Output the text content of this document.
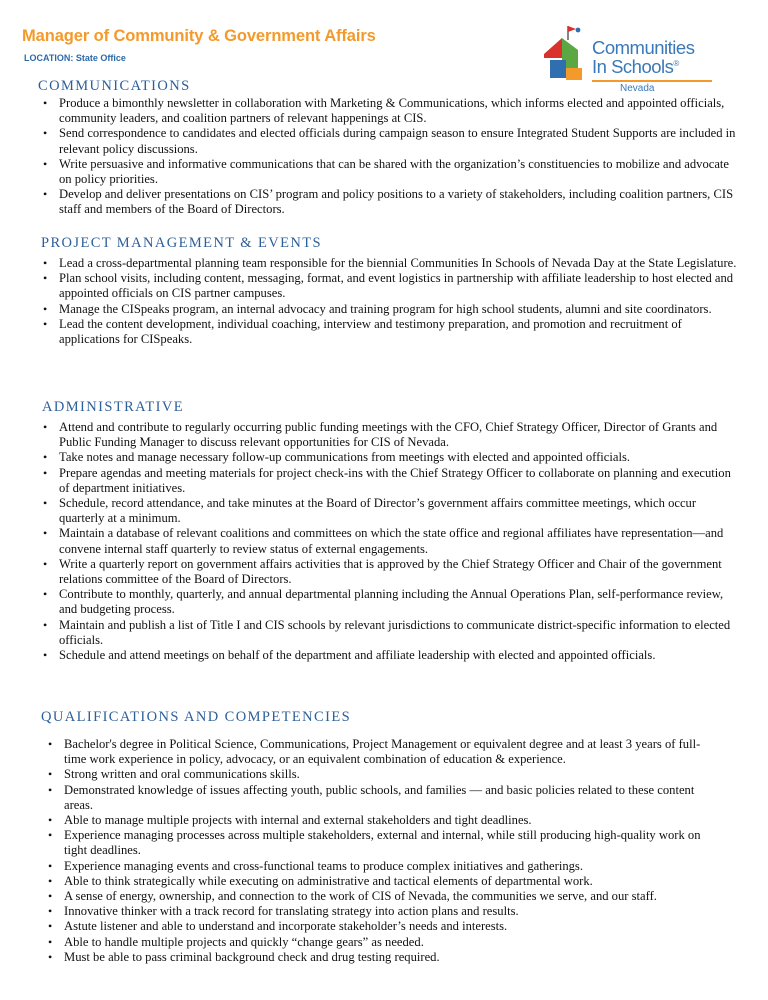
Manager of Community & Government Affairs
LOCATION: State Office	Communities
In Schools®
Nevada
COMMUNICATIONS
• Produce a bimonthly newsletter in collaboration with Marketing & Communications, which informs elected and appointed officials, community leaders, and coalition partners of relevant happenings at CIS.
• Send correspondence to candidates and elected officials during campaign season to ensure Integrated Student Supports are included in relevant policy discussions.
• Write persuasive and informative communications that can be shared with the organization’s constituencies to mobilize and advocate on policy priorities.
• Develop and deliver presentations on CIS’ program and policy positions to a variety of stakeholders, including coalition partners, CIS staff and members of the Board of Directors.
PROJECT MANAGEMENT & EVENTS
• Lead a cross-departmental planning team responsible for the biennial Communities In Schools of Nevada Day at the State Legislature.
• Plan school visits, including content, messaging, format, and event logistics in partnership with affiliate leadership to host elected and appointed officials on CIS partner campuses.
• Manage the CISpeaks program, an internal advocacy and training program for high school students, alumni and site coordinators.
• Lead the content development, individual coaching, interview and testimony preparation, and promotion and recruitment of applications for CISpeaks.
ADMINISTRATIVE
• Attend and contribute to regularly occurring public funding meetings with the CFO, Chief Strategy Officer, Director of Grants and Public Funding Manager to discuss relevant opportunities for CIS of Nevada.
• Take notes and manage necessary follow-up communications from meetings with elected and appointed officials.
• Prepare agendas and meeting materials for project check-ins with the Chief Strategy Officer to collaborate on planning and execution of department initiatives.
• Schedule, record attendance, and take minutes at the Board of Director’s government affairs committee meetings, which occur quarterly at a minimum.
• Maintain a database of relevant coalitions and committees on which the state office and regional affiliates have representation—and convene internal staff quarterly to review status of external engagements.
• Write a quarterly report on government affairs activities that is approved by the Chief Strategy Officer and Chair of the government relations committee of the Board of Directors.
• Contribute to monthly, quarterly, and annual departmental planning including the Annual Operations Plan, self-performance review, and budgeting process.
• Maintain and publish a list of Title I and CIS schools by relevant jurisdictions to communicate district-specific information to elected officials.
• Schedule and attend meetings on behalf of the department and affiliate leadership with elected and appointed officials.
QUALIFICATIONS AND COMPETENCIES
• Bachelor's degree in Political Science, Communications, Project Management or equivalent degree and at least 3 years of full-time work experience in policy, advocacy, or an equivalent combination of education & experience.
• Strong written and oral communications skills.
• Demonstrated knowledge of issues affecting youth, public schools, and families — and basic policies related to these content areas.
• Able to manage multiple projects with internal and external stakeholders and tight deadlines.
• Experience managing processes across multiple stakeholders, external and internal, while still producing high-quality work on tight deadlines.
• Experience managing events and cross-functional teams to produce complex initiatives and gatherings.
• Able to think strategically while executing on administrative and tactical elements of departmental work.
• A sense of energy, ownership, and connection to the work of CIS of Nevada, the communities we serve, and our staff.
• Innovative thinker with a track record for translating strategy into action plans and results.
• Astute listener and able to understand and incorporate stakeholder’s needs and interests.
• Able to handle multiple projects and quickly “change gears” as needed.
• Must be able to pass criminal background check and drug testing required.
